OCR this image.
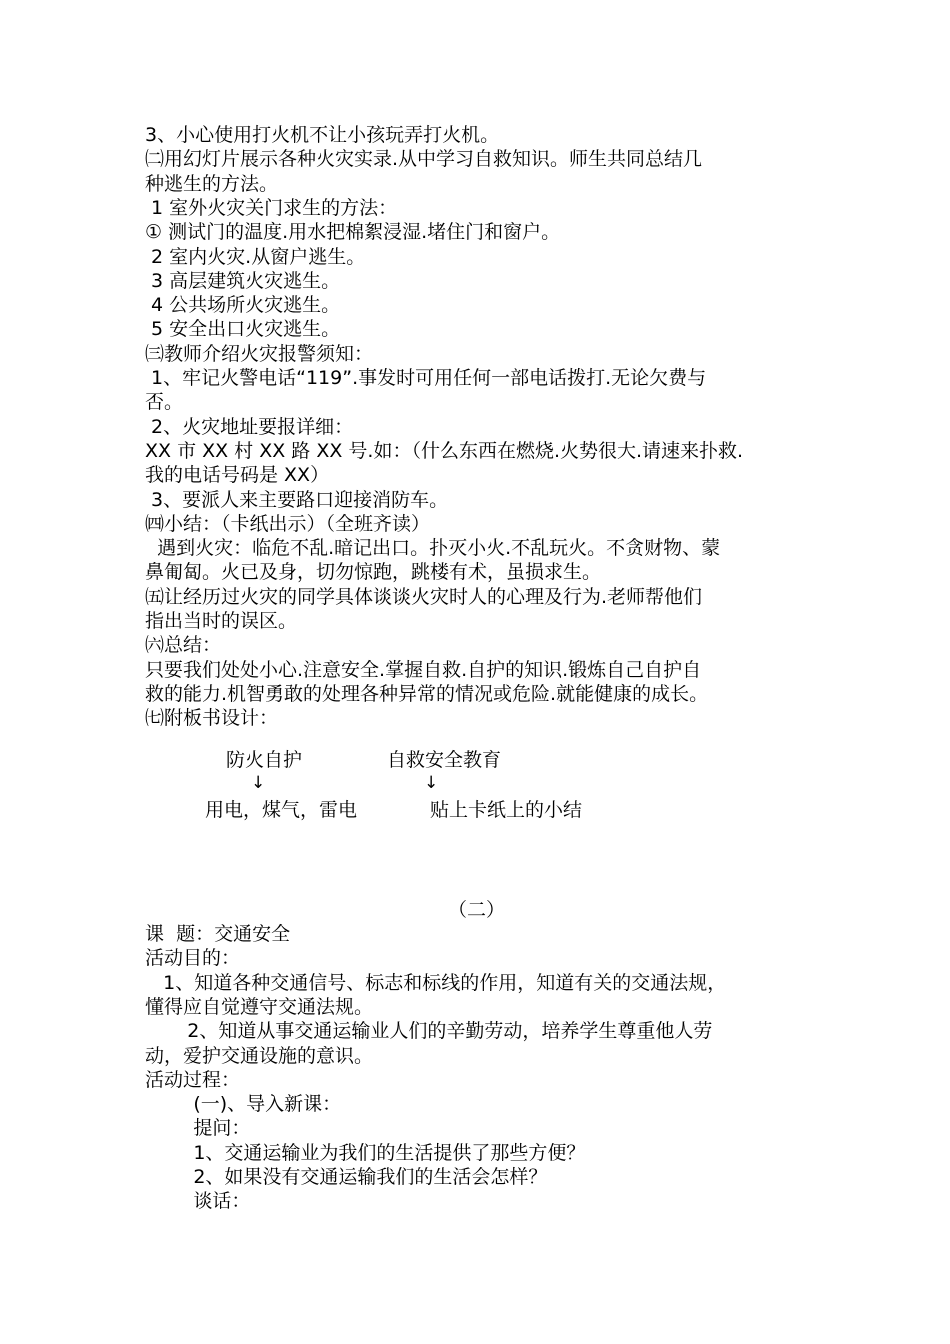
3、小心使用打火机不让小孩玩弄打火机。
㈡用幻灯片展示各种火灾实录.从中学习自救知识。师生共同总结几
种逃生的方法。
1 室外火灾关门求生的方法：
① 测试门的温度.用水把棉絮浸湿.堵住门和窗户。
2 室内火灾.从窗户逃生。
3 高层建筑火灾逃生。
4 公共场所火灾逃生。
5 安全出口火灾逃生。
㈢教师介绍火灾报警须知：
1、牢记火警电话“119”.事发时可用任何一部电话拨打.无论欠费与
否。
2、火灾地址要报详细：
XX 市 XX 村 XX 路 XX 号.如：（什么东西在燃烧.火势很大.请速来扑救.
我的电话号码是 XX）
3、要派人来主要路口迎接消防车。
㈣小结：（卡纸出示）（全班齐读）
遇到火灾：临危不乱.暗记出口。扑灭小火.不乱玩火。不贪财物、蒙
鼻匍匐。火已及身，切勿惊跑，跳楼有术，虽损求生。
㈤让经历过火灾的同学具体谈谈火灾时人的心理及行为.老师帮他们
指出当时的误区。
㈥总结：
只要我们处处小心.注意安全.掌握自救.自护的知识.锻炼自己自护自
救的能力.机智勇敢的处理各种异常的情况或危险.就能健康的成长。
㈦附板书设计：
防火自护	自救安全教育
↓	↓
用电，煤气，雷电	贴上卡纸上的小结
（二）
课  题：交通安全
活动目的：
1、知道各种交通信号、标志和标线的作用，知道有关的交通法规，
懂得应自觉遵守交通法规。
2、知道从事交通运输业人们的辛勤劳动，培养学生尊重他人劳
动，爱护交通设施的意识。
活动过程：
(一)、导入新课：
提问：
1、交通运输业为我们的生活提供了那些方便？
2、如果没有交通运输我们的生活会怎样？
谈话：
